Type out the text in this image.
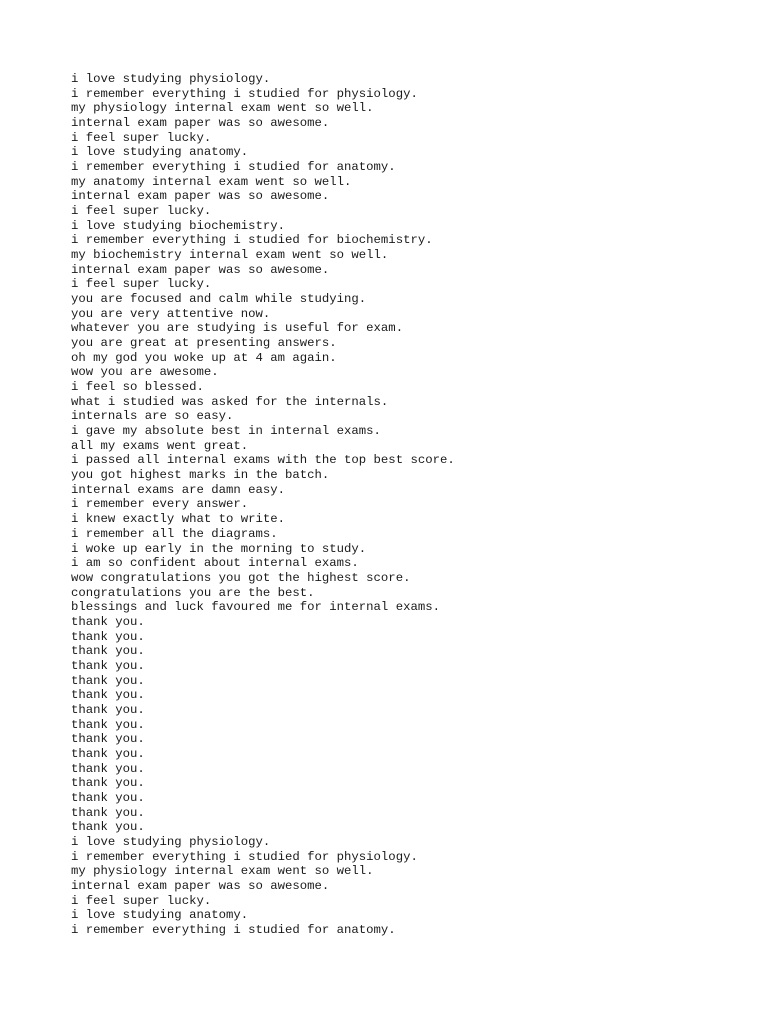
i love studying physiology.
i remember everything i studied for physiology.
my physiology internal exam went so well.
internal exam paper was so awesome.
i feel super lucky.
i love studying anatomy.
i remember everything i studied for anatomy.
my anatomy internal exam went so well.
internal exam paper was so awesome.
i feel super lucky.
i love studying biochemistry.
i remember everything i studied for biochemistry.
my biochemistry internal exam went so well.
internal exam paper was so awesome.
i feel super lucky.
you are focused and calm while studying.
you are very attentive now.
whatever you are studying is useful for exam.
you are great at presenting answers.
oh my god you woke up at 4 am again.
wow you are awesome.
i feel so blessed.
what i studied was asked for the internals.
internals are so easy.
i gave my absolute best in internal exams.
all my exams went great.
i passed all internal exams with the top best score.
you got highest marks in the batch.
internal exams are damn easy.
i remember every answer.
i knew exactly what to write.
i remember all the diagrams.
i woke up early in the morning to study.
i am so confident about internal exams.
wow congratulations you got the highest score.
congratulations you are the best.
blessings and luck favoured me for internal exams.
thank you.
thank you.
thank you.
thank you.
thank you.
thank you.
thank you.
thank you.
thank you.
thank you.
thank you.
thank you.
thank you.
thank you.
thank you.
i love studying physiology.
i remember everything i studied for physiology.
my physiology internal exam went so well.
internal exam paper was so awesome.
i feel super lucky.
i love studying anatomy.
i remember everything i studied for anatomy.
